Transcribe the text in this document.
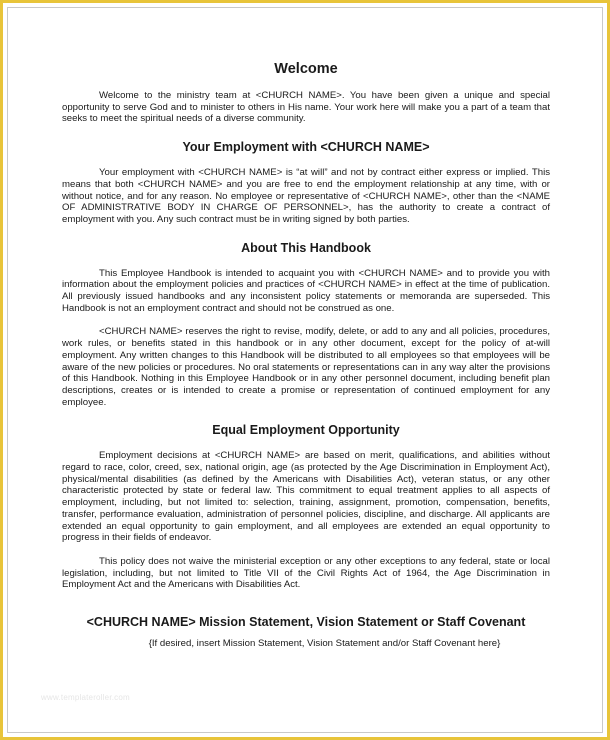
Welcome

Welcome to the ministry team at <CHURCH NAME>. You have been given a unique and special opportunity to serve God and to minister to others in His name. Your work here will make you a part of a team that seeks to meet the spiritual needs of a diverse community.

Your Employment with <CHURCH NAME>

Your employment with <CHURCH NAME> is “at will” and not by contract either express or implied. This means that both <CHURCH NAME> and you are free to end the employment relationship at any time, with or without notice, and for any reason. No employee or representative of <CHURCH NAME>, other than the <NAME OF ADMINISTRATIVE BODY IN CHARGE OF PERSONNEL>, has the authority to create a contract of employment with you. Any such contract must be in writing signed by both parties.

About This Handbook

This Employee Handbook is intended to acquaint you with <CHURCH NAME> and to provide you with information about the employment policies and practices of <CHURCH NAME> in effect at the time of publication. All previously issued handbooks and any inconsistent policy statements or memoranda are superseded. This Handbook is not an employment contract and should not be construed as one.

<CHURCH NAME> reserves the right to revise, modify, delete, or add to any and all policies, procedures, work rules, or benefits stated in this handbook or in any other document, except for the policy of at-will employment. Any written changes to this Handbook will be distributed to all employees so that employees will be aware of the new policies or procedures. No oral statements or representations can in any way alter the provisions of this Handbook. Nothing in this Employee Handbook or in any other personnel document, including benefit plan descriptions, creates or is intended to create a promise or representation of continued employment for any employee.

Equal Employment Opportunity

Employment decisions at <CHURCH NAME> are based on merit, qualifications, and abilities without regard to race, color, creed, sex, national origin, age (as protected by the Age Discrimination in Employment Act), physical/mental disabilities (as defined by the Americans with Disabilities Act), veteran status, or any other characteristic protected by state or federal law. This commitment to equal treatment applies to all aspects of employment, including, but not limited to: selection, training, assignment, promotion, compensation, benefits, transfer, performance evaluation, administration of personnel policies, discipline, and discharge. All applicants are extended an equal opportunity to gain employment, and all employees are extended an equal opportunity to progress in their fields of endeavor.

This policy does not waive the ministerial exception or any other exceptions to any federal, state or local legislation, including, but not limited to Title VII of the Civil Rights Act of 1964, the Age Discrimination in Employment Act and the Americans with Disabilities Act.

<CHURCH NAME> Mission Statement, Vision Statement or Staff Covenant

{If desired, insert Mission Statement, Vision Statement and/or Staff Covenant here}

www.templateroller.com
